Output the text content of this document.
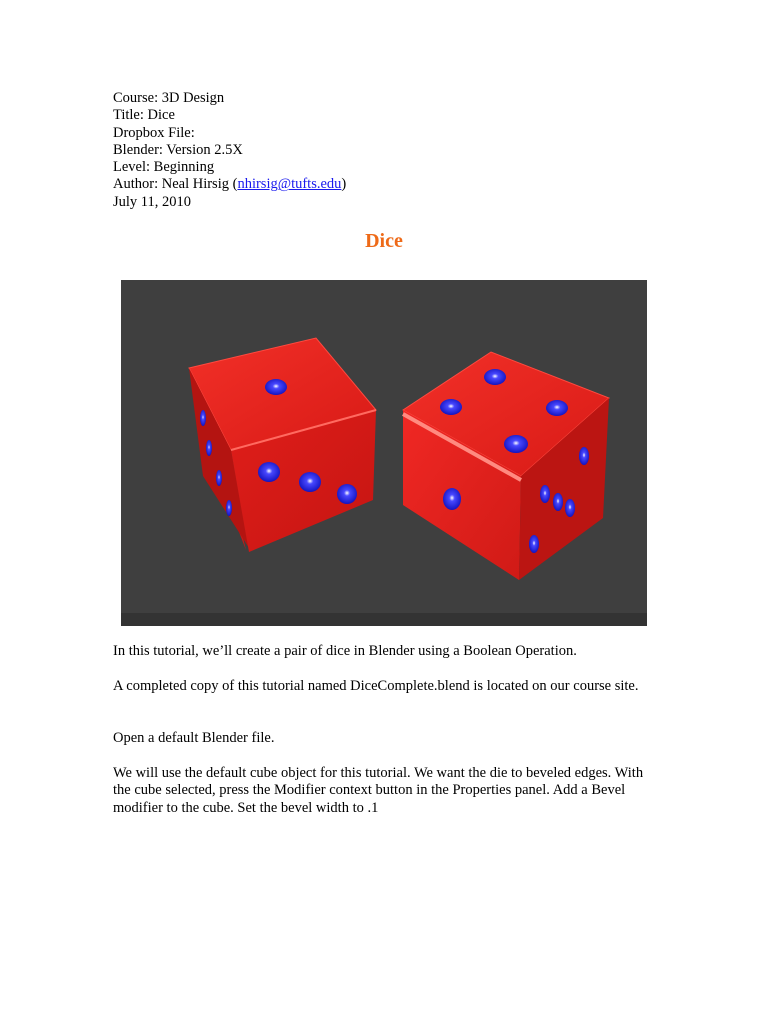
Course: 3D Design
Title: Dice
Dropbox File:
Blender: Version 2.5X
Level: Beginning
Author: Neal Hirsig (nhirsig@tufts.edu)
July 11, 2010
Dice
In this tutorial, we’ll create a pair of dice in Blender using a Boolean Operation.
A completed copy of this tutorial named DiceComplete.blend is located on our course site.
Open a default Blender file.
We will use the default cube object for this tutorial. We want the die to beveled edges. With the cube selected, press the Modifier context button in the Properties panel. Add a Bevel modifier to the cube. Set the bevel width to .1
